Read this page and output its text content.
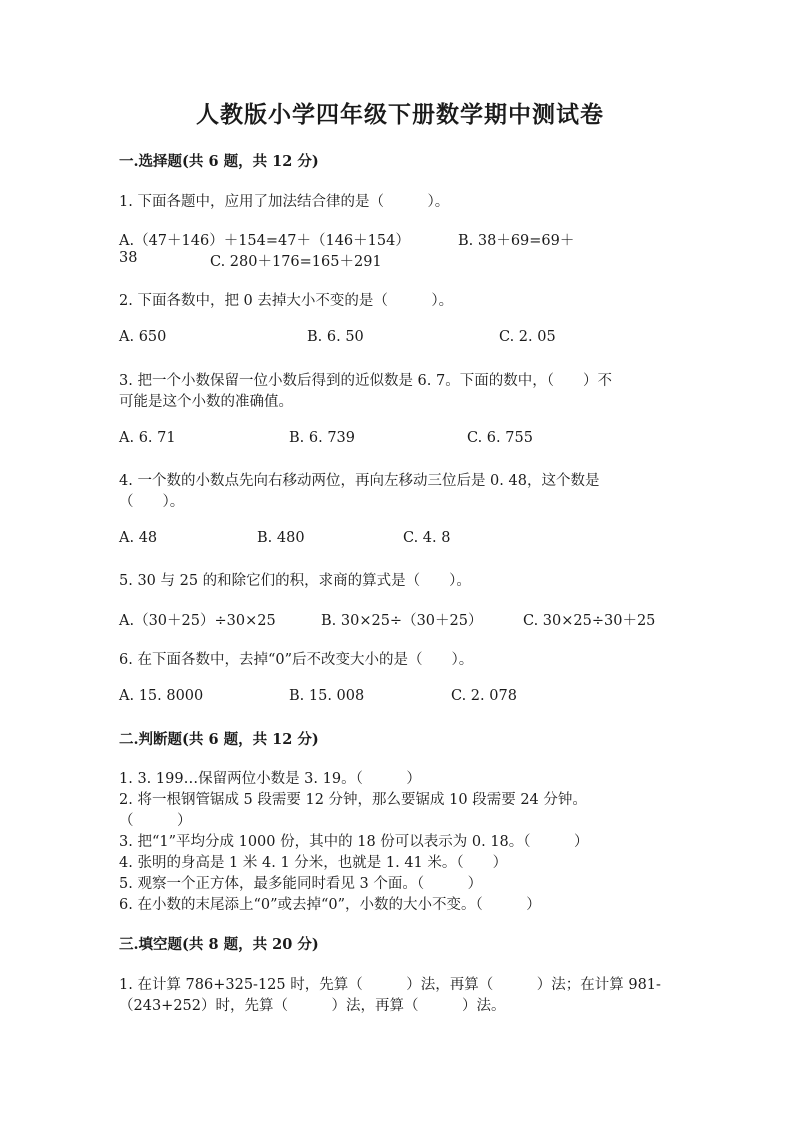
人教版小学四年级下册数学期中测试卷
一.选择题(共 6 题，共 12 分)
1. 下面各题中，应用了加法结合律的是（　　　）。
A.（47＋146）＋154=47＋（146＋154）	B. 38＋69=69＋
38	C. 280＋176=165＋291
2. 下面各数中，把 0 去掉大小不变的是（　　　）。
A. 650	B. 6. 50	C. 2. 05
3. 把一个小数保留一位小数后得到的近似数是 6. 7。下面的数中，（　　）不
可能是这个小数的准确值。
A. 6. 71	B. 6. 739	C. 6. 755
4. 一个数的小数点先向右移动两位，再向左移动三位后是 0. 48，这个数是
（　　）。
A. 48	B. 480	C. 4. 8
5. 30 与 25 的和除它们的积，求商的算式是（　　）。
A.（30＋25）÷30×25	B. 30×25÷（30＋25）	C. 30×25÷30＋25
6. 在下面各数中，去掉“0”后不改变大小的是（　　）。
A. 15. 8000	B. 15. 008	C. 2. 078
二.判断题(共 6 题，共 12 分)
1. 3. 199…保留两位小数是 3. 19。（　　　）
2. 将一根钢管锯成 5 段需要 12 分钟，那么要锯成 10 段需要 24 分钟。
（　　　）
3. 把“1”平均分成 1000 份，其中的 18 份可以表示为 0. 18。（　　　）
4. 张明的身高是 1 米 4. 1 分米，也就是 1. 41 米。（　　）
5. 观察一个正方体，最多能同时看见 3 个面。（　　　）
6. 在小数的末尾添上“0”或去掉“0”，小数的大小不变。（　　　）
三.填空题(共 8 题，共 20 分)
1. 在计算 786+325-125 时，先算（　　　）法，再算（　　　）法；在计算 981-
（243+252）时，先算（　　　）法，再算（　　　）法。
